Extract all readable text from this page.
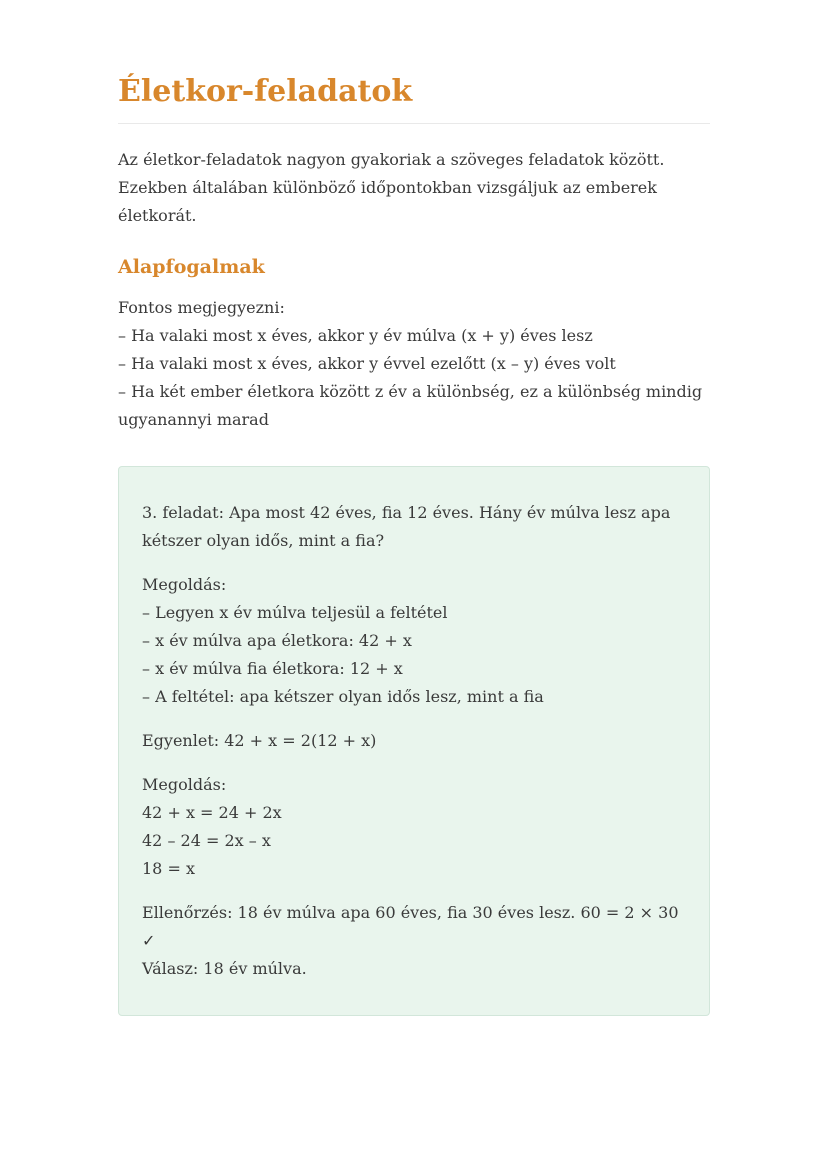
Életkor-feladatok

Az életkor-feladatok nagyon gyakoriak a szöveges feladatok között. Ezekben általában különböző időpontokban vizsgáljuk az emberek életkorát.

Alapfogalmak
Fontos megjegyezni:
– Ha valaki most x éves, akkor y év múlva (x + y) éves lesz
– Ha valaki most x éves, akkor y évvel ezelőtt (x – y) éves volt
– Ha két ember életkora között z év a különbség, ez a különbség mindig ugyanannyi marad

3. feladat: Apa most 42 éves, fia 12 éves. Hány év múlva lesz apa kétszer olyan idős, mint a fia?

Megoldás:
– Legyen x év múlva teljesül a feltétel
– x év múlva apa életkora: 42 + x
– x év múlva fia életkora: 12 + x
– A feltétel: apa kétszer olyan idős lesz, mint a fia

Egyenlet: 42 + x = 2(12 + x)

Megoldás:
42 + x = 24 + 2x
42 – 24 = 2x – x
18 = x
Ellenőrzés: 18 év múlva apa 60 éves, fia 30 éves lesz. 60 = 2 × 30 ✓
Válasz: 18 év múlva.
